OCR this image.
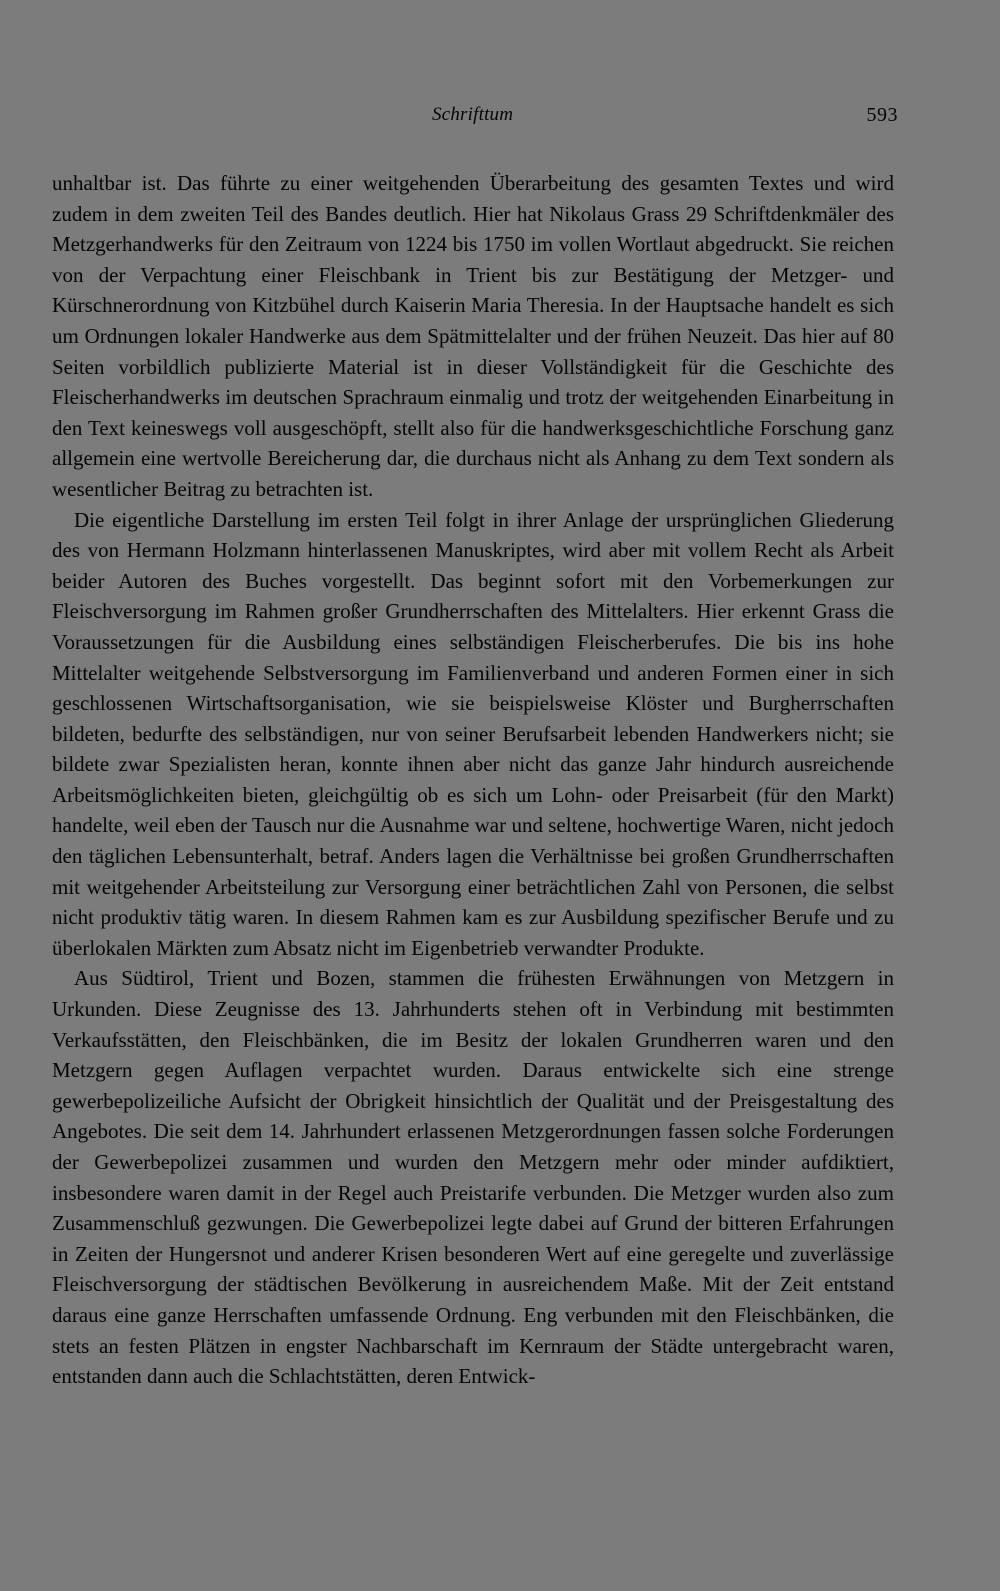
Schrifttum	593

unhaltbar ist. Das führte zu einer weitgehenden Überarbeitung des gesamten Textes und wird zudem in dem zweiten Teil des Bandes deutlich. Hier hat Nikolaus Grass 29 Schriftdenkmäler des Metzgerhandwerks für den Zeitraum von 1224 bis 1750 im vollen Wortlaut abgedruckt. Sie reichen von der Verpachtung einer Fleischbank in Trient bis zur Bestätigung der Metzger- und Kürschnerordnung von Kitzbühel durch Kaiserin Maria Theresia. In der Hauptsache handelt es sich um Ordnungen lokaler Handwerke aus dem Spätmittelalter und der frühen Neuzeit. Das hier auf 80 Seiten vorbildlich publizierte Material ist in dieser Vollständigkeit für die Geschichte des Fleischerhandwerks im deutschen Sprachraum einmalig und trotz der weitgehenden Einarbeitung in den Text keineswegs voll ausgeschöpft, stellt also für die handwerksgeschichtliche Forschung ganz allgemein eine wertvolle Bereicherung dar, die durchaus nicht als Anhang zu dem Text sondern als wesentlicher Beitrag zu betrachten ist.

Die eigentliche Darstellung im ersten Teil folgt in ihrer Anlage der ursprünglichen Gliederung des von Hermann Holzmann hinterlassenen Manuskriptes, wird aber mit vollem Recht als Arbeit beider Autoren des Buches vorgestellt. Das beginnt sofort mit den Vorbemerkungen zur Fleischversorgung im Rahmen großer Grundherrschaften des Mittelalters. Hier erkennt Grass die Voraussetzungen für die Ausbildung eines selbständigen Fleischerberufes. Die bis ins hohe Mittelalter weitgehende Selbstversorgung im Familienverband und anderen Formen einer in sich geschlossenen Wirtschaftsorganisation, wie sie beispielsweise Klöster und Burgherrschaften bildeten, bedurfte des selbständigen, nur von seiner Berufsarbeit lebenden Handwerkers nicht; sie bildete zwar Spezialisten heran, konnte ihnen aber nicht das ganze Jahr hindurch ausreichende Arbeitsmöglichkeiten bieten, gleichgültig ob es sich um Lohn- oder Preisarbeit (für den Markt) handelte, weil eben der Tausch nur die Ausnahme war und seltene, hochwertige Waren, nicht jedoch den täglichen Lebensunterhalt, betraf. Anders lagen die Verhältnisse bei großen Grundherrschaften mit weitgehender Arbeitsteilung zur Versorgung einer beträchtlichen Zahl von Personen, die selbst nicht produktiv tätig waren. In diesem Rahmen kam es zur Ausbildung spezifischer Berufe und zu überlokalen Märkten zum Absatz nicht im Eigenbetrieb verwandter Produkte.

Aus Südtirol, Trient und Bozen, stammen die frühesten Erwähnungen von Metzgern in Urkunden. Diese Zeugnisse des 13. Jahrhunderts stehen oft in Verbindung mit bestimmten Verkaufsstätten, den Fleischbänken, die im Besitz der lokalen Grundherren waren und den Metzgern gegen Auflagen verpachtet wurden. Daraus entwickelte sich eine strenge gewerbepolizeiliche Aufsicht der Obrigkeit hinsichtlich der Qualität und der Preisgestaltung des Angebotes. Die seit dem 14. Jahrhundert erlassenen Metzgerordnungen fassen solche Forderungen der Gewerbepolizei zusammen und wurden den Metzgern mehr oder minder aufdiktiert, insbesondere waren damit in der Regel auch Preistarife verbunden. Die Metzger wurden also zum Zusammenschluß gezwungen. Die Gewerbepolizei legte dabei auf Grund der bitteren Erfahrungen in Zeiten der Hungersnot und anderer Krisen besonderen Wert auf eine geregelte und zuverlässige Fleischversorgung der städtischen Bevölkerung in ausreichendem Maße. Mit der Zeit entstand daraus eine ganze Herrschaften umfassende Ordnung. Eng verbunden mit den Fleischbänken, die stets an festen Plätzen in engster Nachbarschaft im Kernraum der Städte untergebracht waren, entstanden dann auch die Schlachtstätten, deren Entwick-
